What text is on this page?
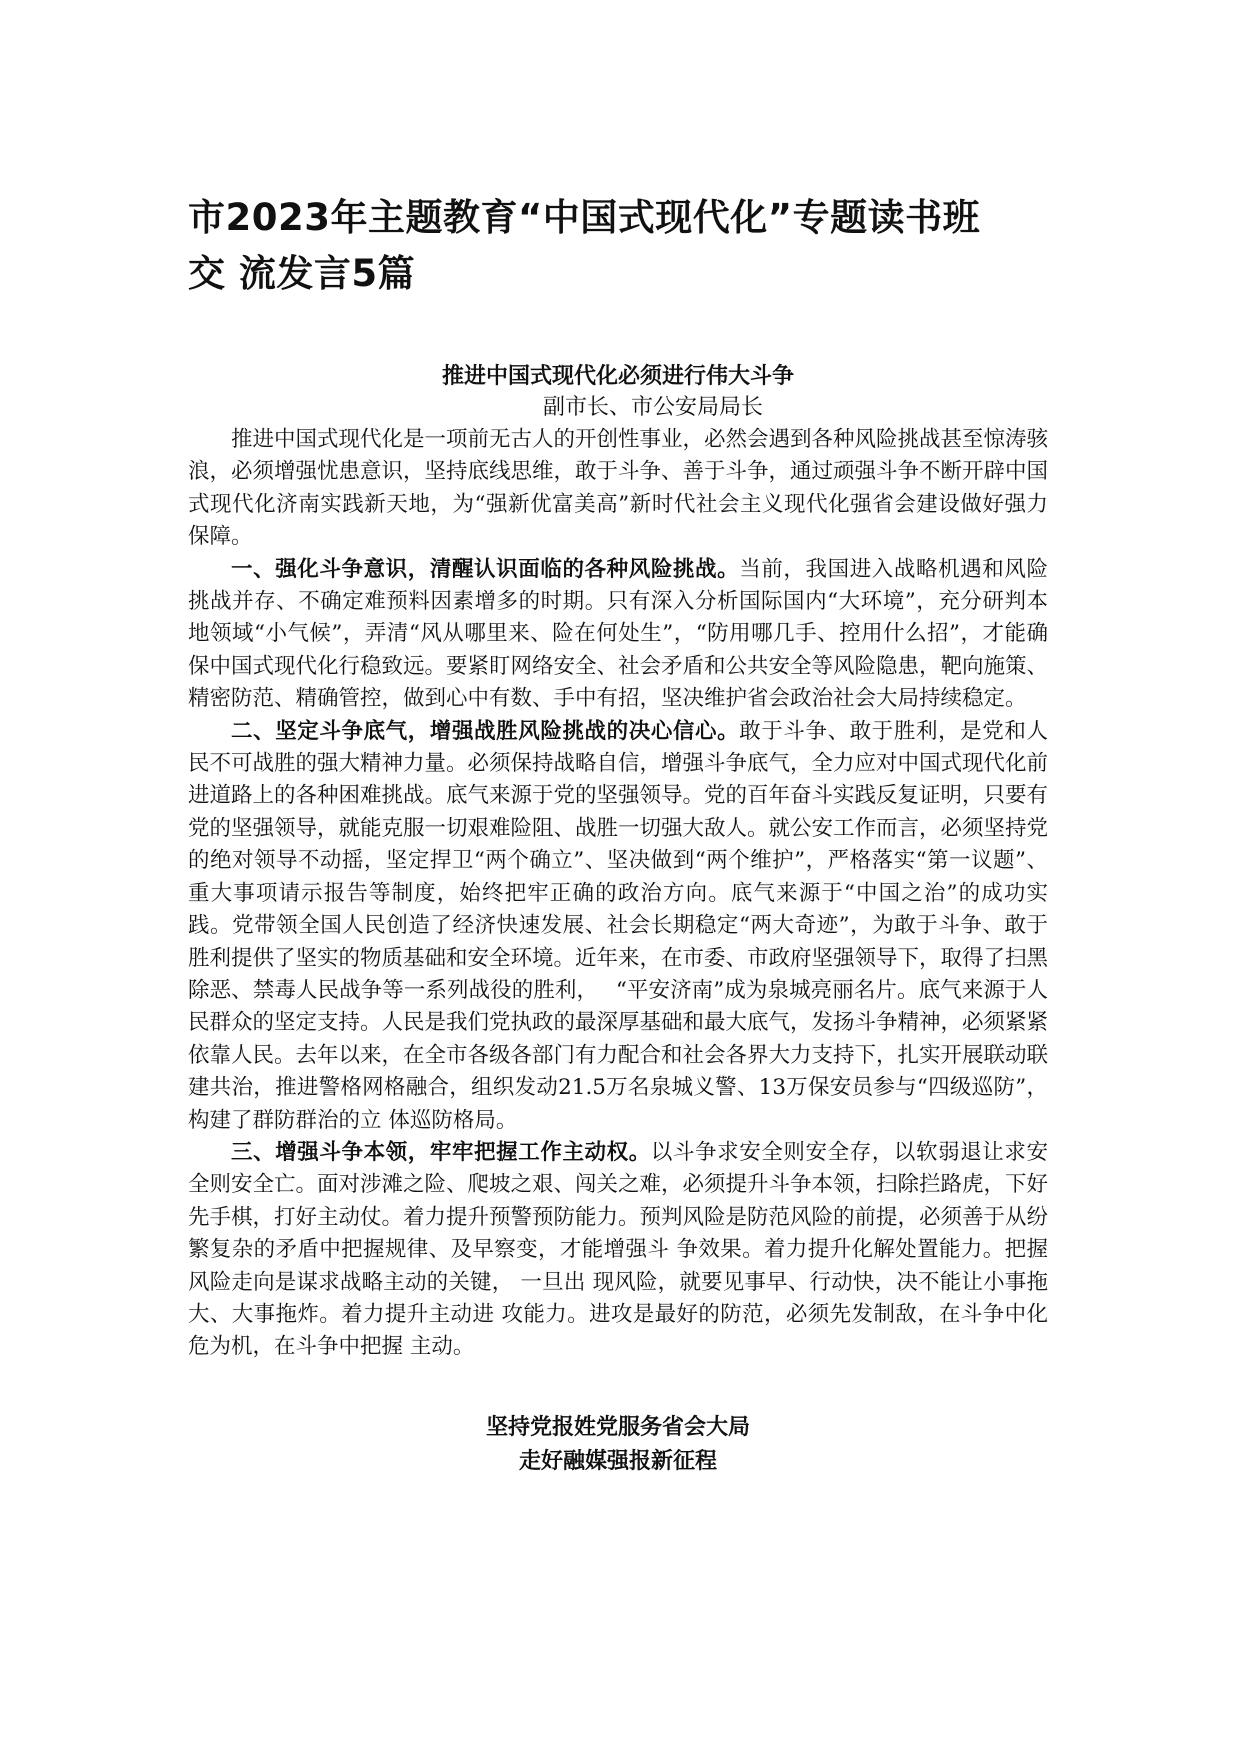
市2023年主题教育“中国式现代化”专题读书班
交 流发言5篇
推进中国式现代化必须进行伟大斗争
副市长、市公安局局长

推进中国式现代化是一项前无古人的开创性事业，必然会遇到各种风险挑战甚至惊涛骇浪，必须增强忧患意识，坚持底线思维，敢于斗争、善于斗争，通过顽强斗争不断开辟中国式现代化济南实践新天地，为“强新优富美高”新时代社会主义现代化强省会建设做好强力保障。

一、强化斗争意识，清醒认识面临的各种风险挑战。当前，我国进入战略机遇和风险挑战并存、不确定难预料因素增多的时期。只有深入分析国际国内“大环境”，充分研判本地领域“小气候”，弄清“风从哪里来、险在何处生”，“防用哪几手、控用什么招”，才能确保中国式现代化行稳致远。要紧盯网络安全、社会矛盾和公共安全等风险隐患，靶向施策、精密防范、精确管控，做到心中有数、手中有招，坚决维护省会政治社会大局持续稳定。

二、坚定斗争底气，增强战胜风险挑战的决心信心。敢于斗争、敢于胜利，是党和人民不可战胜的强大精神力量。必须保持战略自信，增强斗争底气，全力应对中国式现代化前进道路上的各种困难挑战。底气来源于党的坚强领导。党的百年奋斗实践反复证明，只要有党的坚强领导，就能克服一切艰难险阻、战胜一切强大敌人。就公安工作而言，必须坚持党的绝对领导不动摇，坚定捍卫“两个确立”、坚决做到“两个维护”，严格落实“第一议题”、重大事项请示报告等制度，始终把牢正确的政治方向。底气来源于“中国之治”的成功实践。党带领全国人民创造了经济快速发展、社会长期稳定“两大奇迹”，为敢于斗争、敢于胜利提供了坚实的物质基础和安全环境。近年来，在市委、市政府坚强领导下，取得了扫黑除恶、禁毒人民战争等一系列战役的胜利，　 “平安济南”成为泉城亮丽名片。底气来源于人民群众的坚定支持。人民是我们党执政的最深厚基础和最大底气，发扬斗争精神，必须紧紧依靠人民。去年以来，在全市各级各部门有力配合和社会各界大力支持下，扎实开展联动联建共治，推进警格网格融合，组织发动21.5万名泉城义警、13万保安员参与“四级巡防”，构建了群防群治的立 体巡防格局。

三、增强斗争本领，牢牢把握工作主动权。以斗争求安全则安全存，以软弱退让求安全则安全亡。面对涉滩之险、爬坡之艰、闯关之难，必须提升斗争本领，扫除拦路虎，下好先手棋，打好主动仗。着力提升预警预防能力。预判风险是防范风险的前提，必须善于从纷繁复杂的矛盾中把握规律、及早察变，才能增强斗 争效果。着力提升化解处置能力。把握风险走向是谋求战略主动的关键， 一旦出 现风险，就要见事早、行动快，决不能让小事拖大、大事拖炸。着力提升主动进 攻能力。进攻是最好的防范，必须先发制敌，在斗争中化危为机，在斗争中把握 主动。

坚持党报姓党服务省会大局
走好融媒强报新征程
